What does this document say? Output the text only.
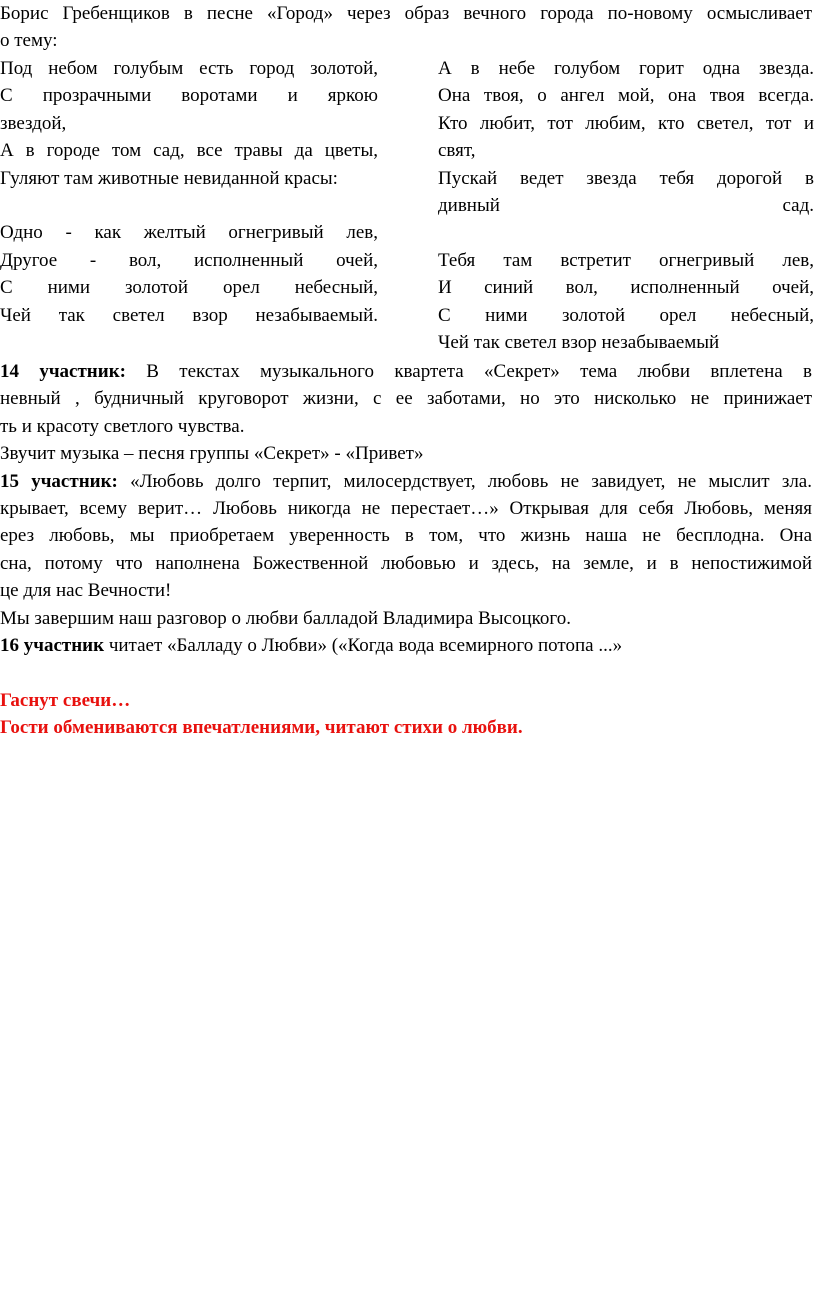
Борис Гребенщиков в песне «Город» через образ вечного города по-новому осмысливает
о тему:
Под небом голубым есть город золотой,
С прозрачными воротами и яркою
звездой,
А в городе том сад, все травы да цветы,
Гуляют там животные невиданной красы:
Одно - как желтый огнегривый лев,
Другое - вол, исполненный очей,
С ними золотой орел небесный,
Чей так светел взор незабываемый.
А в небе голубом горит одна звезда.
Она твоя, о ангел мой, она твоя всегда.
Кто любит, тот любим, кто светел, тот и
свят,
Пускай ведет звезда тебя дорогой в
дивный сад.
Тебя там встретит огнегривый лев,
И синий вол, исполненный очей,
С ними золотой орел небесный,
Чей так светел взор незабываемый
14 участник: В текстах музыкального квартета «Секрет» тема любви вплетена в
невный , будничный круговорот жизни, с ее заботами, но это нисколько не принижает
ть и красоту светлого чувства.
Звучит музыка – песня группы «Секрет» - «Привет»
15 участник: «Любовь долго терпит, милосердствует, любовь не завидует, не мыслит зла.
крывает, всему верит… Любовь никогда не перестает…» Открывая для себя Любовь, меняя
ерез любовь, мы приобретаем уверенность в том, что жизнь наша не бесплодна. Она
сна, потому что наполнена Божественной любовью и здесь, на земле, и в непостижимой
це для нас Вечности!
Мы завершим наш разговор о любви балладой Владимира Высоцкого.
16 участник читает «Балладу о Любви» («Когда вода всемирного потопа ...»
Гаснут свечи…
Гости обмениваются впечатлениями, читают стихи о любви.
